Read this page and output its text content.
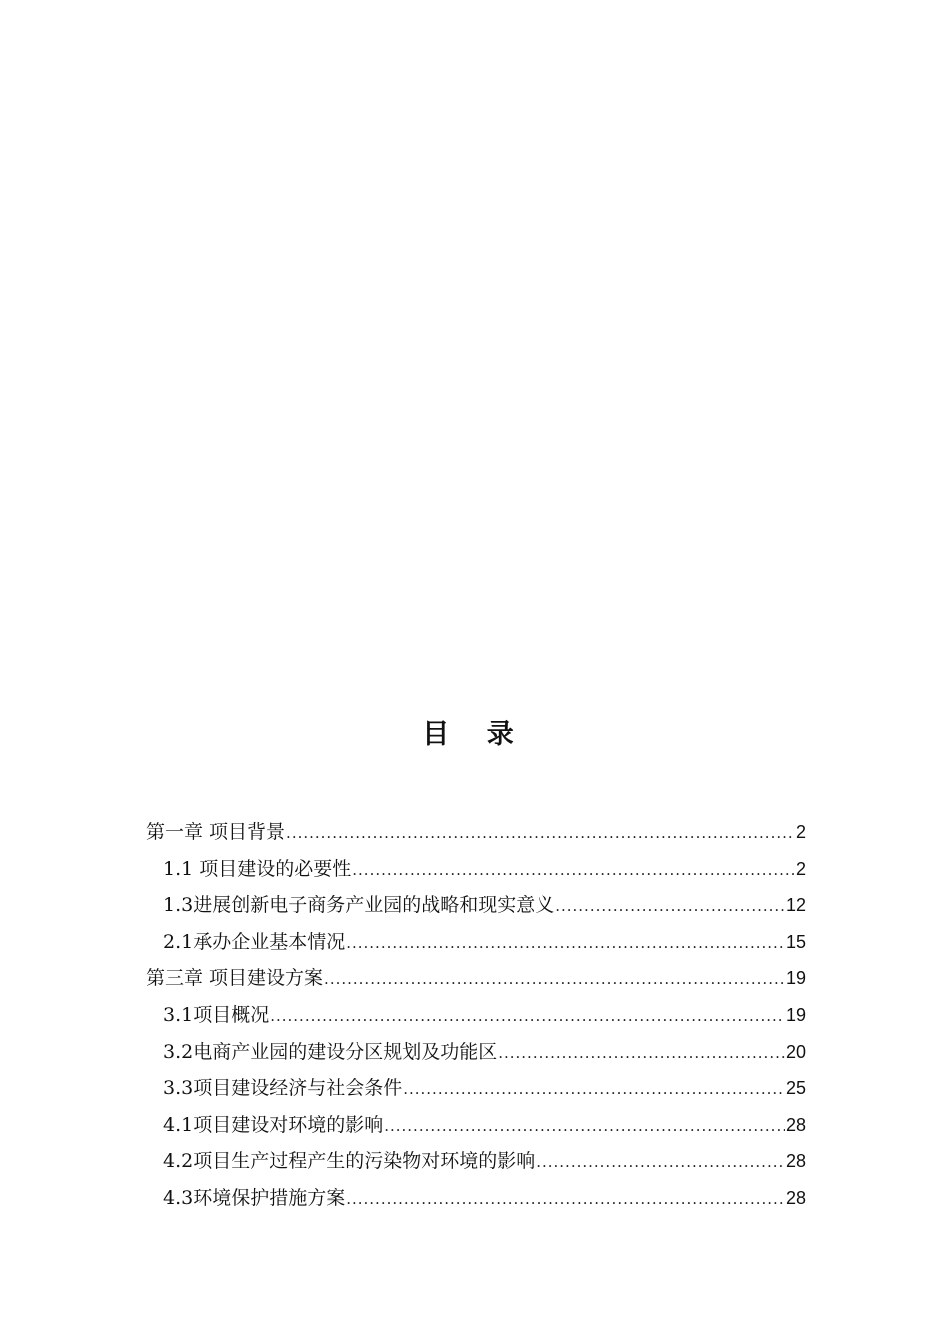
目 录
第一章 项目背景 .....	2
1.1 项目建设的必要性 .....	2
1.3进展创新电子商务产业园的战略和现实意义 .....	12
2.1承办企业基本情况 .....	15
第三章 项目建设方案 .....	19
3.1项目概况 .....	19
3.2电商产业园的建设分区规划及功能区 .....	20
3.3项目建设经济与社会条件 .....	25
4.1项目建设对环境的影响 .....	28
4.2项目生产过程产生的污染物对环境的影响 .....	28
4.3环境保护措施方案 .....	28
